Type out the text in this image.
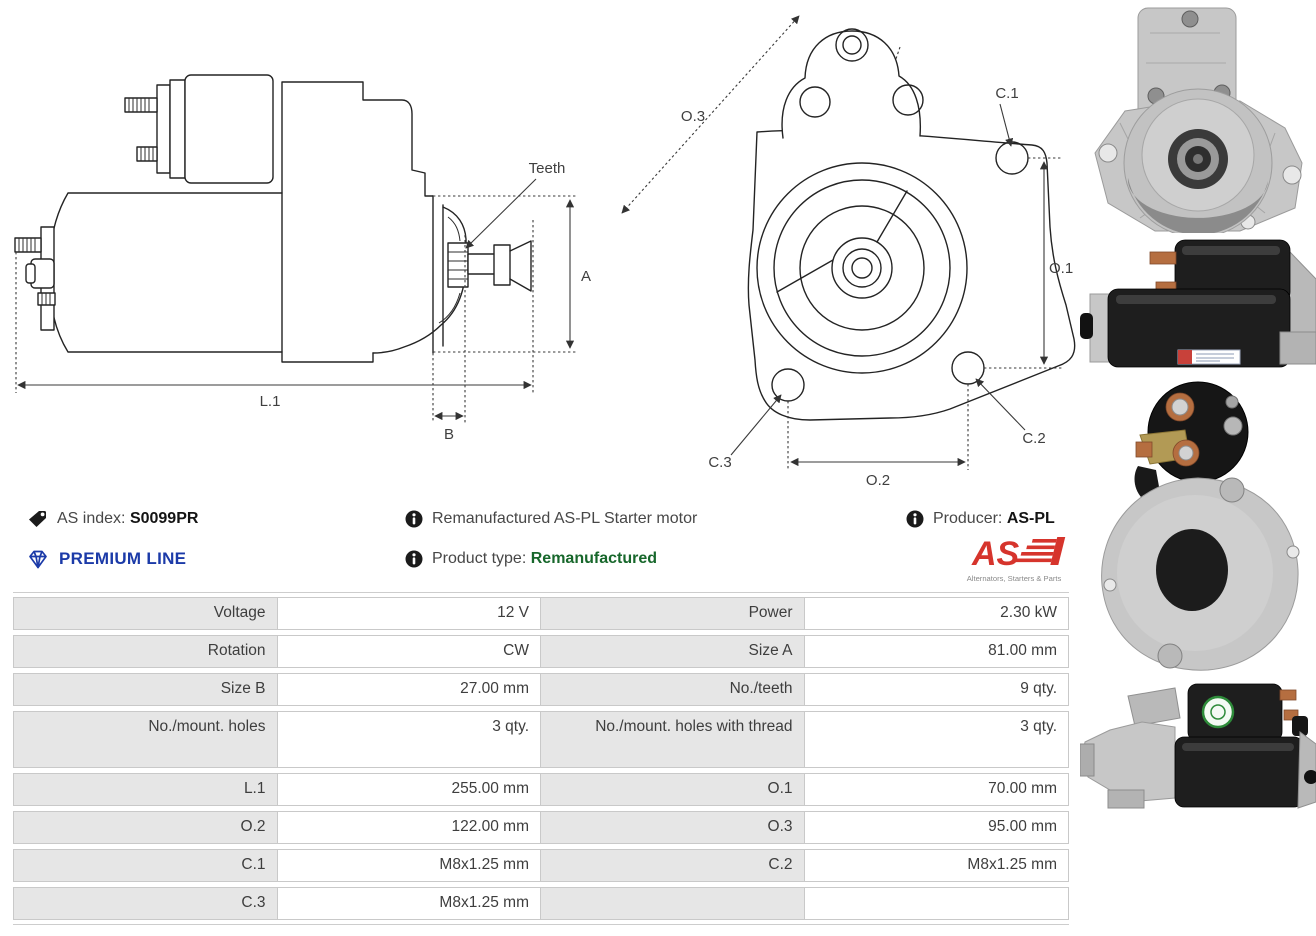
A
L.1
B
Teeth
O.3
C.1
C.2
C.3
O.1
O.2
AS index: S0099PR
PREMIUM LINE
Remanufactured AS-PL Starter motor
Product type: Remanufactured
Producer: AS-PL
AS
Alternators, Starters & Parts
Voltage	12 V	Power	2.30 kW
Rotation	CW	Size A	81.00 mm
Size B	27.00 mm	No./teeth	9 qty.
No./mount. holes	3 qty.	No./mount. holes with thread	3 qty.
L.1	255.00 mm	O.1	70.00 mm
O.2	122.00 mm	O.3	95.00 mm
C.1	M8x1.25 mm	C.2	M8x1.25 mm
C.3	M8x1.25 mm
